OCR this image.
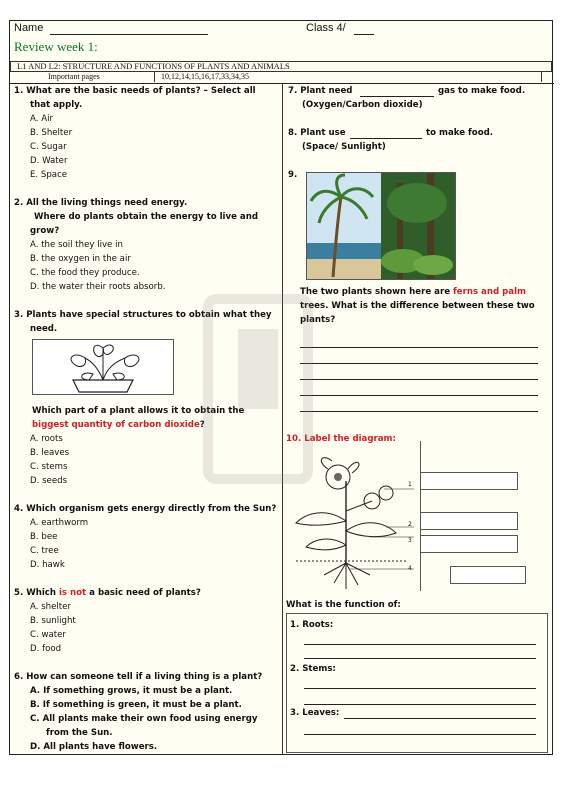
Name	Class 4/
Review week 1:
L1 AND L2: STRUCTURE AND FUNCTIONS OF PLANTS AND ANIMALS
Important pages	10,12,14,15,16,17,33,34,35
1. What are the basic needs of plants? – Select all
that apply.
A. Air
B. Shelter
C. Sugar
D. Water
E. Space
2. All the living things need energy.
Where do plants obtain the energy to live and
grow?
A. the soil they live in
B. the oxygen in the air
C. the food they produce.
D. the water their roots absorb.
3. Plants have special structures to obtain what they
need.
Which part of a plant allows it to obtain the
biggest quantity of carbon dioxide?
A. roots
B. leaves
C. stems
D. seeds
4. Which organism gets energy directly from the Sun?
A. earthworm
B. bee
C. tree
D. hawk
5. Which is not a basic need of plants?
A. shelter
B. sunlight
C. water
D. food
6. How can someone tell if a living thing is a plant?
A. If something grows, it must be a plant.
B. If something is green, it must be a plant.
C. All plants make their own food using energy
from the Sun.
D. All plants have flowers.
7. Plant need	gas to make food.
(Oxygen/Carbon dioxide)
8. Plant use	to make food.
(Space/ Sunlight)
9.
The two plants shown here are ferns and palm
trees. What is the difference between these two
plants?
10. Label the diagram:
1
2
3
4
What is the function of:
1. Roots:
2. Stems:
3. Leaves:
